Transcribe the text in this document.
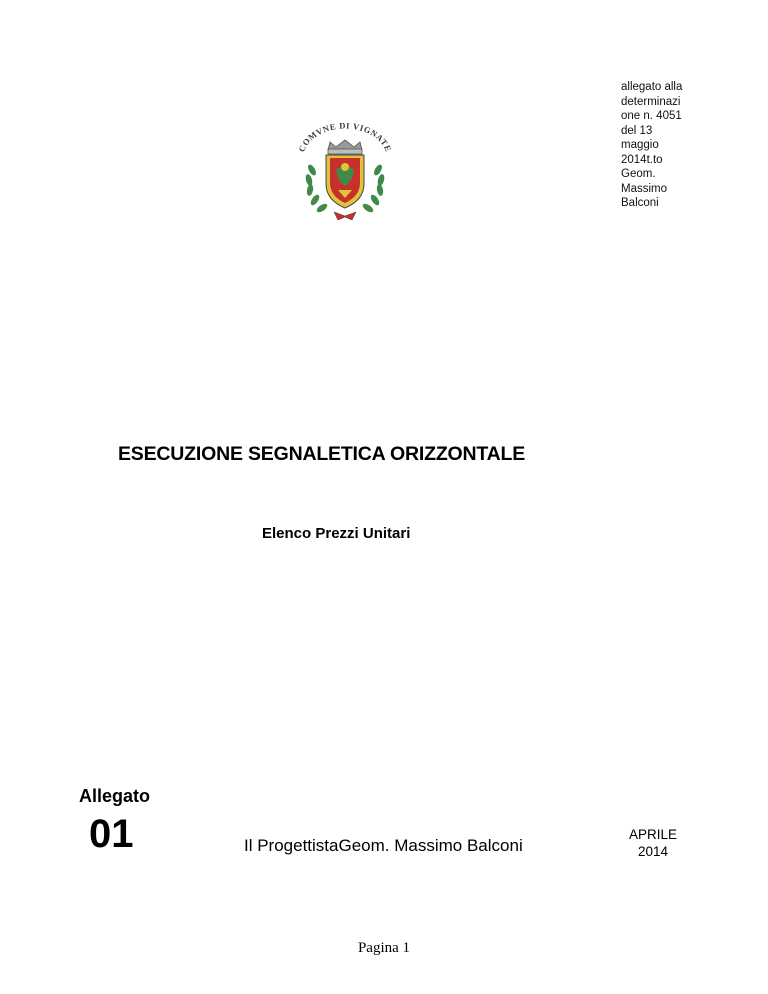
COMVNE DI VIGNATE
allegato alla
determinazi
one n. 4051
del 13
maggio
2014t.to
Geom.
Massimo
Balconi
ESECUZIONE SEGNALETICA ORIZZONTALE
Elenco Prezzi Unitari
Allegato
01	Il ProgettistaGeom. Massimo Balconi
APRILE
2014
Pagina 1
